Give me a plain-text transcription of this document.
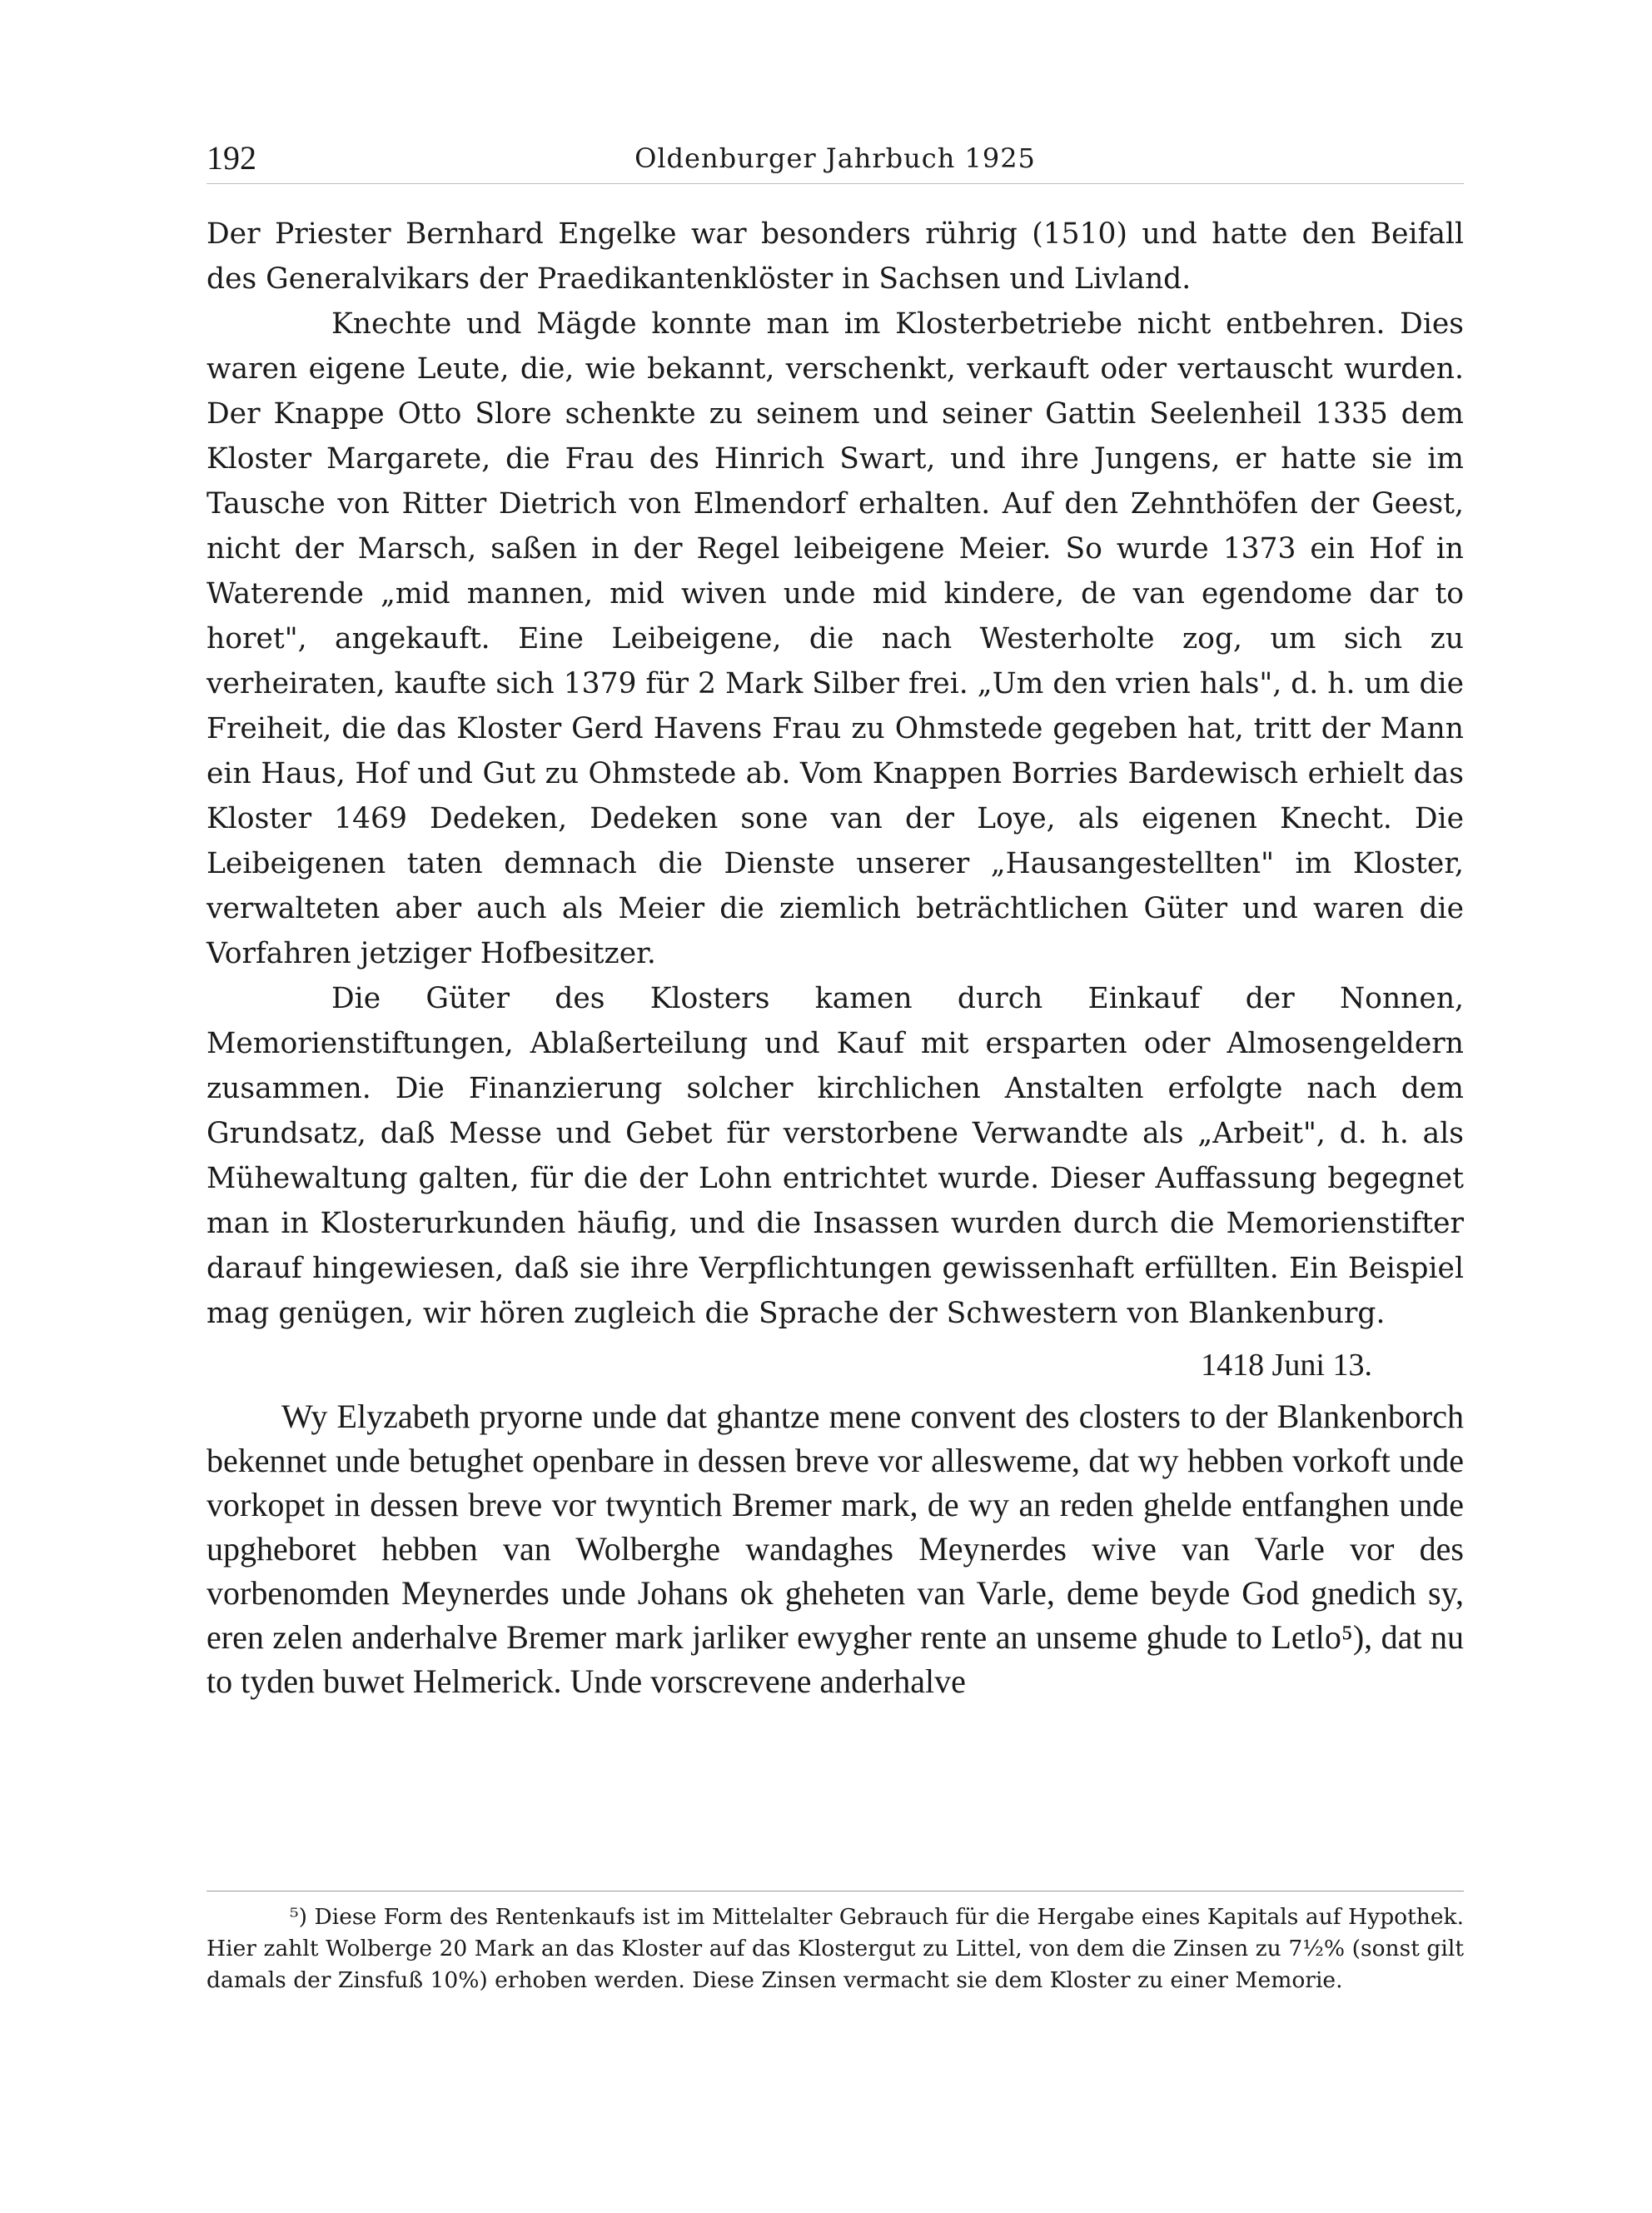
192	Oldenburger Jahrbuch 1925

Der Priester Bernhard Engelke war besonders rührig (1510) und hatte den Beifall des Generalvikars der Praedikantenklöster in Sachsen und Livland.

Knechte und Mägde konnte man im Klosterbetriebe nicht entbehren. Dies waren eigene Leute, die, wie bekannt, verschenkt, verkauft oder vertauscht wurden. Der Knappe Otto Slore schenkte zu seinem und seiner Gattin Seelenheil 1335 dem Kloster Margarete, die Frau des Hinrich Swart, und ihre Jungens, er hatte sie im Tausche von Ritter Dietrich von Elmendorf erhalten. Auf den Zehnthöfen der Geest, nicht der Marsch, saßen in der Regel leibeigene Meier. So wurde 1373 ein Hof in Waterende „mid mannen, mid wiven unde mid kindere, de van egendome dar to horet", angekauft. Eine Leibeigene, die nach Westerholte zog, um sich zu verheiraten, kaufte sich 1379 für 2 Mark Silber frei. „Um den vrien hals", d. h. um die Freiheit, die das Kloster Gerd Havens Frau zu Ohmstede gegeben hat, tritt der Mann ein Haus, Hof und Gut zu Ohmstede ab. Vom Knappen Borries Bardewisch erhielt das Kloster 1469 Dedeken, Dedeken sone van der Loye, als eigenen Knecht. Die Leibeigenen taten demnach die Dienste unserer „Hausangestellten" im Kloster, verwalteten aber auch als Meier die ziemlich beträchtlichen Güter und waren die Vorfahren jetziger Hofbesitzer.

Die Güter des Klosters kamen durch Einkauf der Nonnen, Memorienstiftungen, Ablaßerteilung und Kauf mit ersparten oder Almosengeldern zusammen. Die Finanzierung solcher kirchlichen Anstalten erfolgte nach dem Grundsatz, daß Messe und Gebet für verstorbene Verwandte als „Arbeit", d. h. als Mühewaltung galten, für die der Lohn entrichtet wurde. Dieser Auffassung begegnet man in Klosterurkunden häufig, und die Insassen wurden durch die Memorienstifter darauf hingewiesen, daß sie ihre Verpflichtungen gewissenhaft erfüllten. Ein Beispiel mag genügen, wir hören zugleich die Sprache der Schwestern von Blankenburg.

1418 Juni 13.

Wy Elyzabeth pryorne unde dat ghantze mene convent des closters to der Blankenborch bekennet unde betughet openbare in dessen breve vor allesweme, dat wy hebben vorkoft unde vorkopet in dessen breve vor twyntich Bremer mark, de wy an reden ghelde entfanghen unde upgheboret hebben van Wolberghe wandaghes Meynerdes wive van Varle vor des vorbenomden Meynerdes unde Johans ok gheheten van Varle, deme beyde God gnedich sy, eren zelen anderhalve Bremer mark jarliker ewygher rente an unseme ghude to Letlo⁵), dat nu to tyden buwet Helmerick. Unde vorscrevene anderhalve

⁵) Diese Form des Rentenkaufs ist im Mittelalter Gebrauch für die Hergabe eines Kapitals auf Hypothek. Hier zahlt Wolberge 20 Mark an das Kloster auf das Klostergut zu Littel, von dem die Zinsen zu 7½% (sonst gilt damals der Zinsfuß 10%) erhoben werden. Diese Zinsen vermacht sie dem Kloster zu einer Memorie.
